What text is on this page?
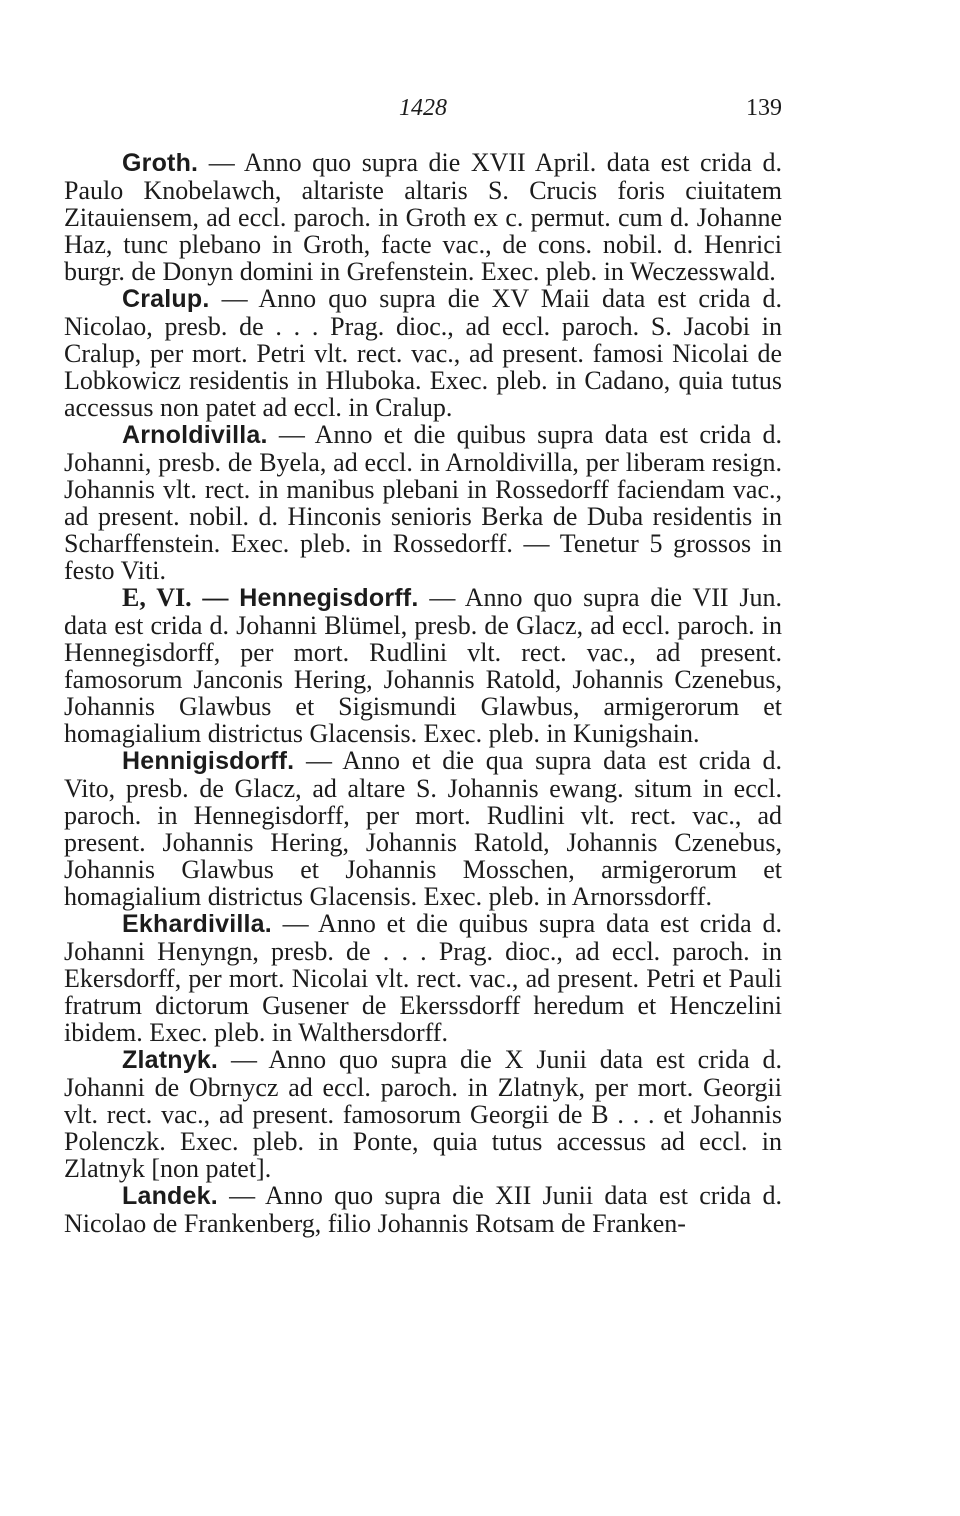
1428	139

Groth. — Anno quo supra die XVII April. data est crida d. Paulo Knobelawch, altariste altaris S. Crucis foris ciuitatem Zitauiensem, ad eccl. paroch. in Groth ex c. permut. cum d. Johanne Haz, tunc plebano in Groth, facte vac., de cons. nobil. d. Henrici burgr. de Donyn domini in Grefenstein. Exec. pleb. in Weczesswald.

Cralup. — Anno quo supra die XV Maii data est crida d. Nicolao, presb. de . . . Prag. dioc., ad eccl. paroch. S. Jacobi in Cralup, per mort. Petri vlt. rect. vac., ad present. famosi Nicolai de Lobkowicz residentis in Hluboka. Exec. pleb. in Cadano, quia tutus accessus non patet ad eccl. in Cralup.

Arnoldivilla. — Anno et die quibus supra data est crida d. Johanni, presb. de Byela, ad eccl. in Arnoldivilla, per liberam resign. Johannis vlt. rect. in manibus plebani in Rossedorff faciendam vac., ad present. nobil. d. Hinconis senioris Berka de Duba residentis in Scharffenstein. Exec. pleb. in Rossedorff. — Tenetur 5 grossos in festo Viti.

E, VI. — Hennegisdorff. — Anno quo supra die VII Jun. data est crida d. Johanni Blümel, presb. de Glacz, ad eccl. paroch. in Hennegisdorff, per mort. Rudlini vlt. rect. vac., ad present. famosorum Janconis Hering, Johannis Ratold, Johannis Czenebus, Johannis Glawbus et Sigismundi Glawbus, armigerorum et homagialium districtus Glacensis. Exec. pleb. in Kunigshain.

Hennigisdorff. — Anno et die qua supra data est crida d. Vito, presb. de Glacz, ad altare S. Johannis ewang. situm in eccl. paroch. in Hennegisdorff, per mort. Rudlini vlt. rect. vac., ad present. Johannis Hering, Johannis Ratold, Johannis Czenebus, Johannis Glawbus et Johannis Mosschen, armigerorum et homagialium districtus Glacensis. Exec. pleb. in Arnorssdorff.

Ekhardivilla. — Anno et die quibus supra data est crida d. Johanni Henyngn, presb. de . . . Prag. dioc., ad eccl. paroch. in Ekersdorff, per mort. Nicolai vlt. rect. vac., ad present. Petri et Pauli fratrum dictorum Gusener de Ekerssdorff heredum et Henczelini ibidem. Exec. pleb. in Walthersdorff.

Zlatnyk. — Anno quo supra die X Junii data est crida d. Johanni de Obrnycz ad eccl. paroch. in Zlatnyk, per mort. Georgii vlt. rect. vac., ad present. famosorum Georgii de B . . . et Johannis Polenczk. Exec. pleb. in Ponte, quia tutus accessus ad eccl. in Zlatnyk [non patet].

Landek. — Anno quo supra die XII Junii data est crida d. Nicolao de Frankenberg, filio Johannis Rotsam de Franken-
